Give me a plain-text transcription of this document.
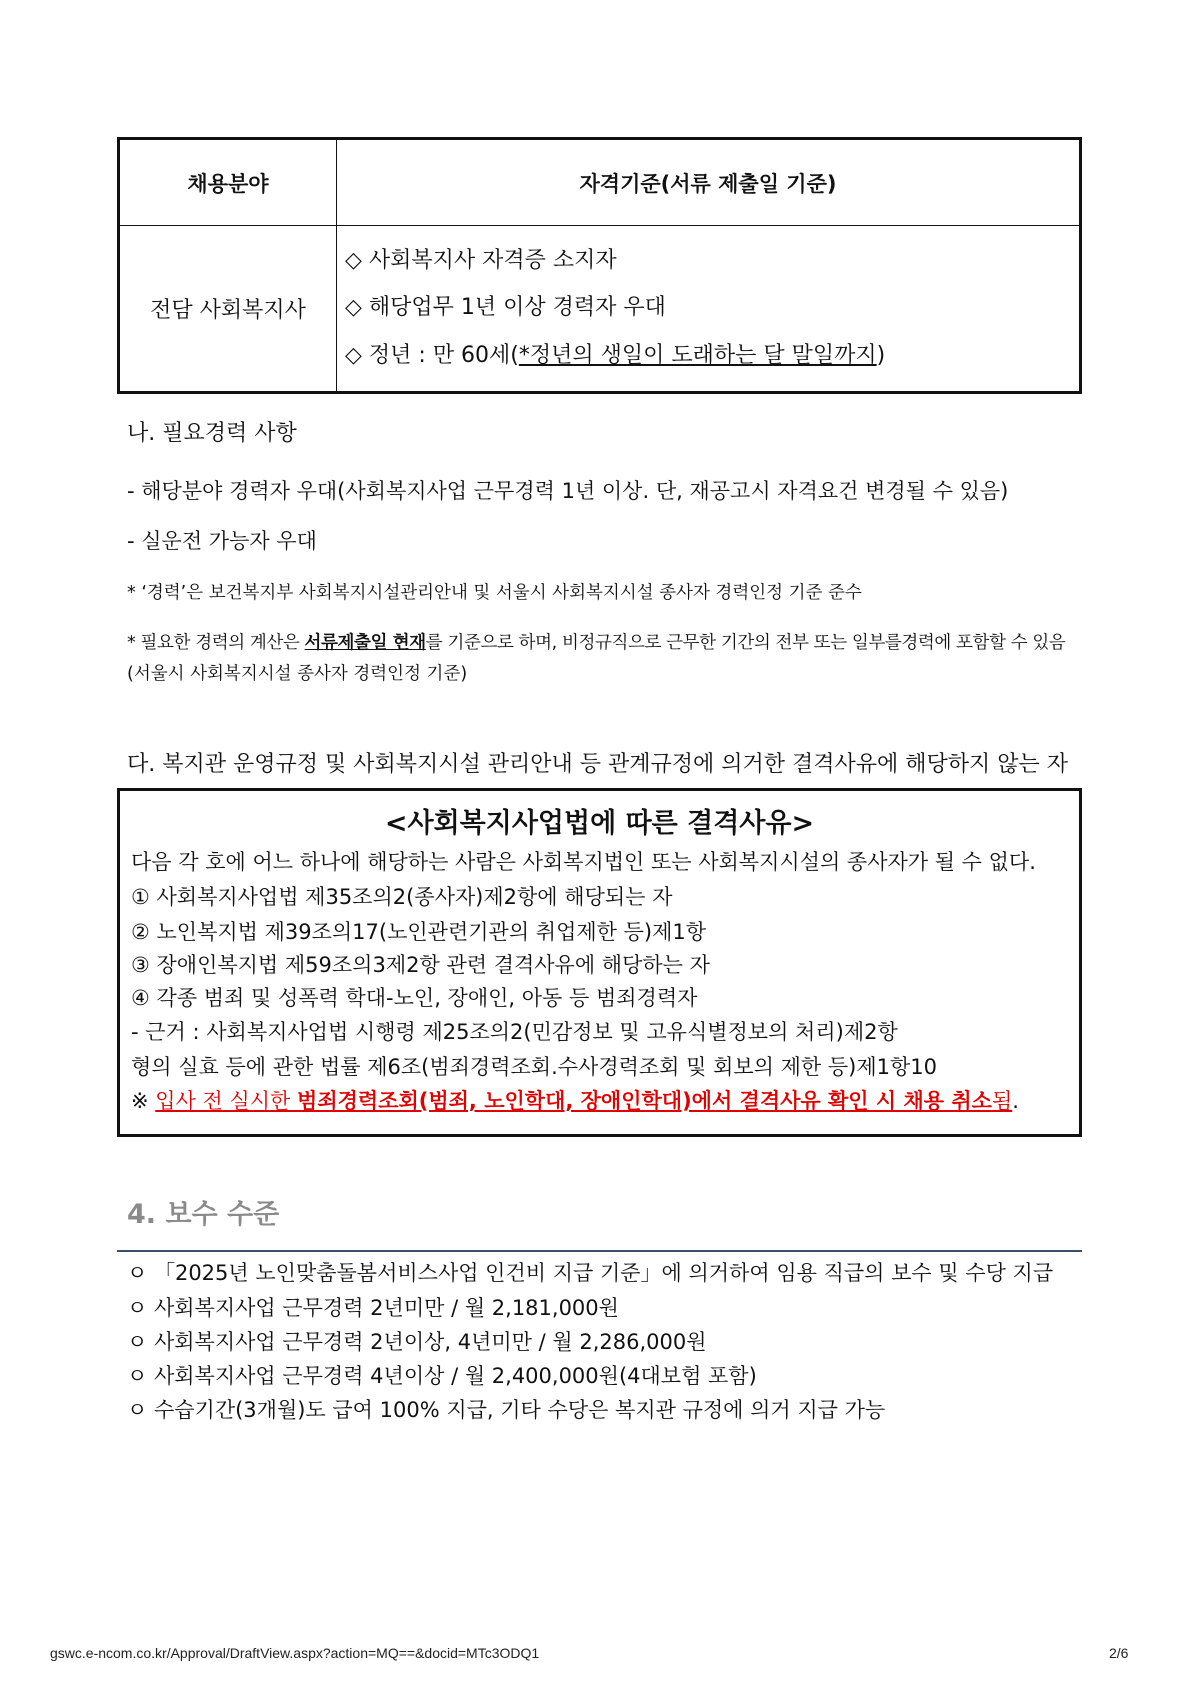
채용분야	자격기준(서류 제출일 기준)
전담 사회복지사
◇ 사회복지사 자격증 소지자
◇ 해당업무 1년 이상 경력자 우대
◇ 정년 : 만 60세(*정년의 생일이 도래하는 달 말일까지)
나. 필요경력 사항
- 해당분야 경력자 우대(사회복지사업 근무경력 1년 이상. 단, 재공고시 자격요건 변경될 수 있음)
- 실운전 가능자 우대
* ‘경력’은 보건복지부 사회복지시설관리안내 및 서울시 사회복지시설 종사자 경력인정 기준 준수
* 필요한 경력의 계산은 서류제출일 현재를 기준으로 하며, 비정규직으로 근무한 기간의 전부 또는 일부를경력에 포함할 수 있음
(서울시 사회복지시설 종사자 경력인정 기준)
다. 복지관 운영규정 및 사회복지시설 관리안내 등 관계규정에 의거한 결격사유에 해당하지 않는 자
<사회복지사업법에 따른 결격사유>
다음 각 호에 어느 하나에 해당하는 사람은 사회복지법인 또는 사회복지시설의 종사자가 될 수 없다.
① 사회복지사업법 제35조의2(종사자)제2항에 해당되는 자
② 노인복지법 제39조의17(노인관련기관의 취업제한 등)제1항
③ 장애인복지법 제59조의3제2항 관련 결격사유에 해당하는 자
④ 각종 범죄 및 성폭력 학대-노인, 장애인, 아동 등 범죄경력자
- 근거 : 사회복지사업법 시행령 제25조의2(민감정보 및 고유식별정보의 처리)제2항
형의 실효 등에 관한 법률 제6조(범죄경력조회.수사경력조회 및 회보의 제한 등)제1항10
※ 입사 전 실시한 범죄경력조회(범죄, 노인학대, 장애인학대)에서 결격사유 확인 시 채용 취소됨.
4. 보수 수준
ㅇ 「2025년 노인맞춤돌봄서비스사업 인건비 지급 기준」에 의거하여 임용 직급의 보수 및 수당 지급
ㅇ 사회복지사업 근무경력 2년미만 / 월 2,181,000원
ㅇ 사회복지사업 근무경력 2년이상, 4년미만 / 월 2,286,000원
ㅇ 사회복지사업 근무경력 4년이상 / 월 2,400,000원(4대보험 포함)
ㅇ 수습기간(3개월)도 급여 100% 지급, 기타 수당은 복지관 규정에 의거 지급 가능
gswc.e-ncom.co.kr/Approval/DraftView.aspx?action=MQ==&docid=MTc3ODQ1	2/6
